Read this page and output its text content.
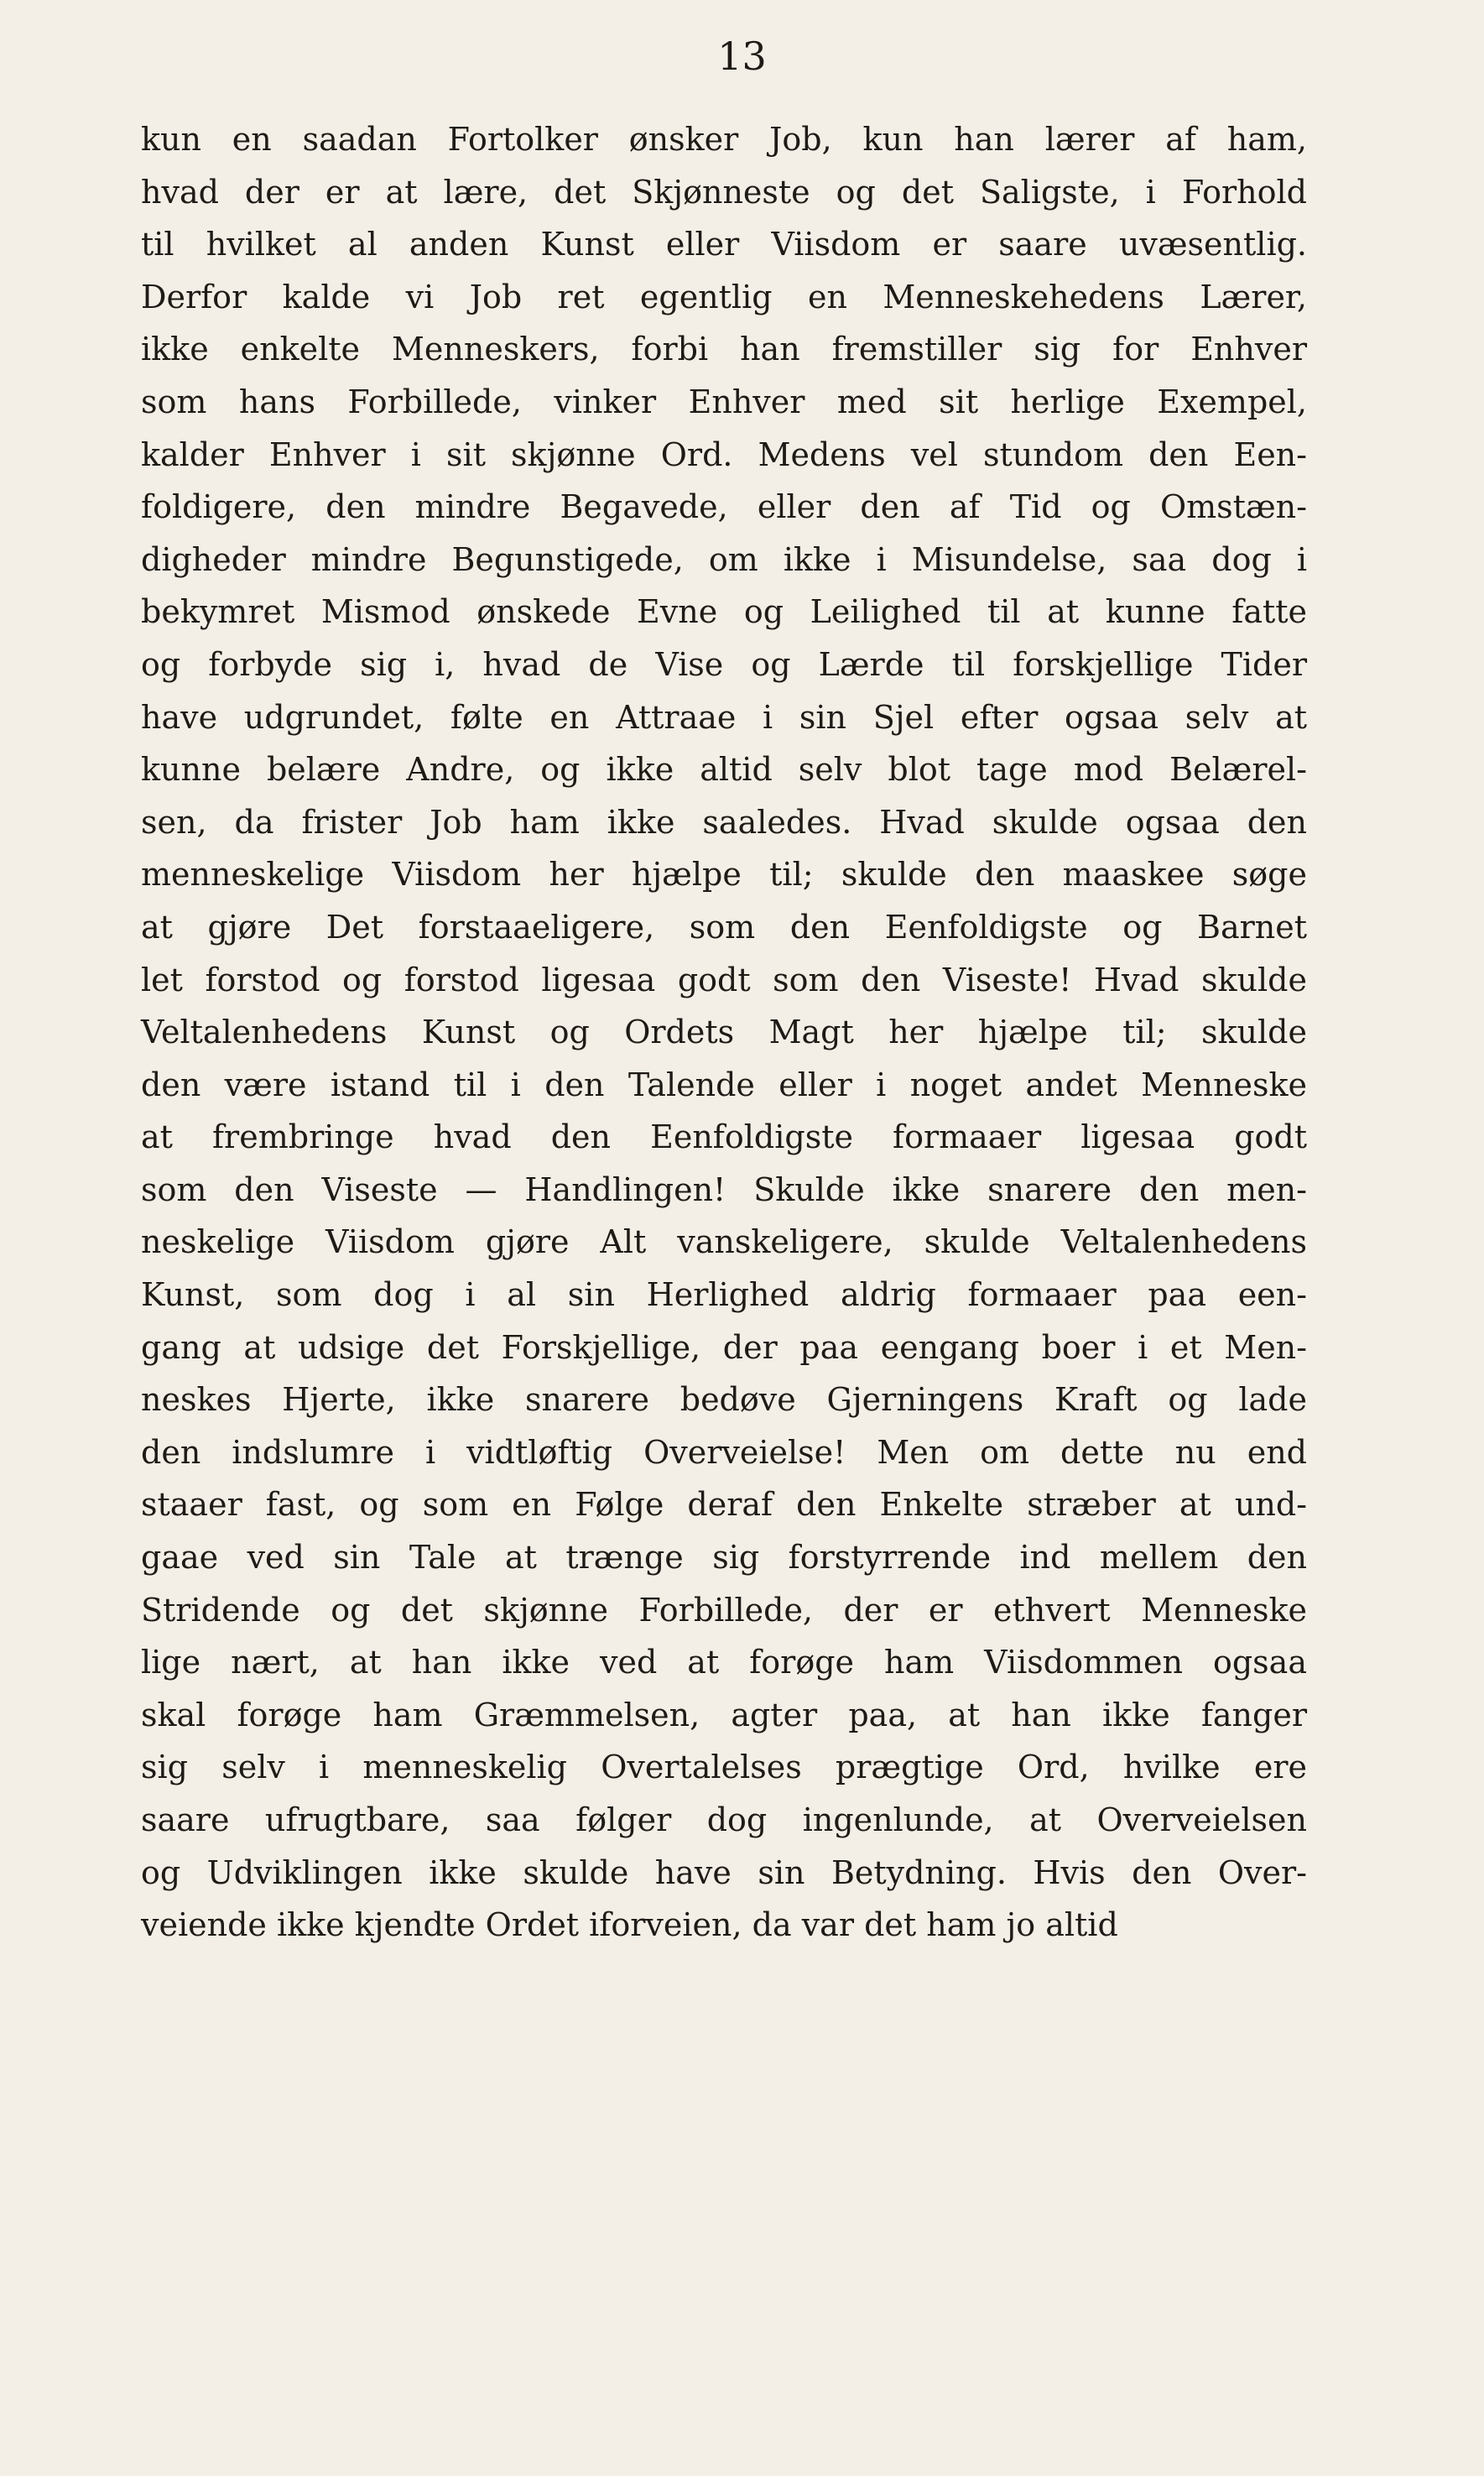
13
kun en saadan Fortolker ønsker Job, kun han lærer af ham,
hvad der er at lære, det Skjønneste og det Saligste, i Forhold
til hvilket al anden Kunst eller Viisdom er saare uvæsentlig.
Derfor kalde vi Job ret egentlig en Menneskehedens Lærer,
ikke enkelte Menneskers, forbi han fremstiller sig for Enhver
som hans Forbillede, vinker Enhver med sit herlige Exempel,
kalder Enhver i sit skjønne Ord. Medens vel stundom den Een-
foldigere, den mindre Begavede, eller den af Tid og Omstæn-
digheder mindre Begunstigede, om ikke i Misundelse, saa dog i
bekymret Mismod ønskede Evne og Leilighed til at kunne fatte
og forbyde sig i, hvad de Vise og Lærde til forskjellige Tider
have udgrundet, følte en Attraae i sin Sjel efter ogsaa selv at
kunne belære Andre, og ikke altid selv blot tage mod Belærel-
sen, da frister Job ham ikke saaledes. Hvad skulde ogsaa den
menneskelige Viisdom her hjælpe til; skulde den maaskee søge
at gjøre Det forstaaeligere, som den Eenfoldigste og Barnet
let forstod og forstod ligesaa godt som den Viseste! Hvad skulde
Veltalenhedens Kunst og Ordets Magt her hjælpe til; skulde
den være istand til i den Talende eller i noget andet Menneske
at frembringe hvad den Eenfoldigste formaaer ligesaa godt
som den Viseste — Handlingen! Skulde ikke snarere den men-
neskelige Viisdom gjøre Alt vanskeligere, skulde Veltalenhedens
Kunst, som dog i al sin Herlighed aldrig formaaer paa een-
gang at udsige det Forskjellige, der paa eengang boer i et Men-
neskes Hjerte, ikke snarere bedøve Gjerningens Kraft og lade
den indslumre i vidtløftig Overveielse! Men om dette nu end
staaer fast, og som en Følge deraf den Enkelte stræber at und-
gaae ved sin Tale at trænge sig forstyrrende ind mellem den
Stridende og det skjønne Forbillede, der er ethvert Menneske
lige nært, at han ikke ved at forøge ham Viisdommen ogsaa
skal forøge ham Græmmelsen, agter paa, at han ikke fanger
sig selv i menneskelig Overtalelses prægtige Ord, hvilke ere
saare ufrugtbare, saa følger dog ingenlunde, at Overveielsen
og Udviklingen ikke skulde have sin Betydning. Hvis den Over-
veiende ikke kjendte Ordet iforveien, da var det ham jo altid
